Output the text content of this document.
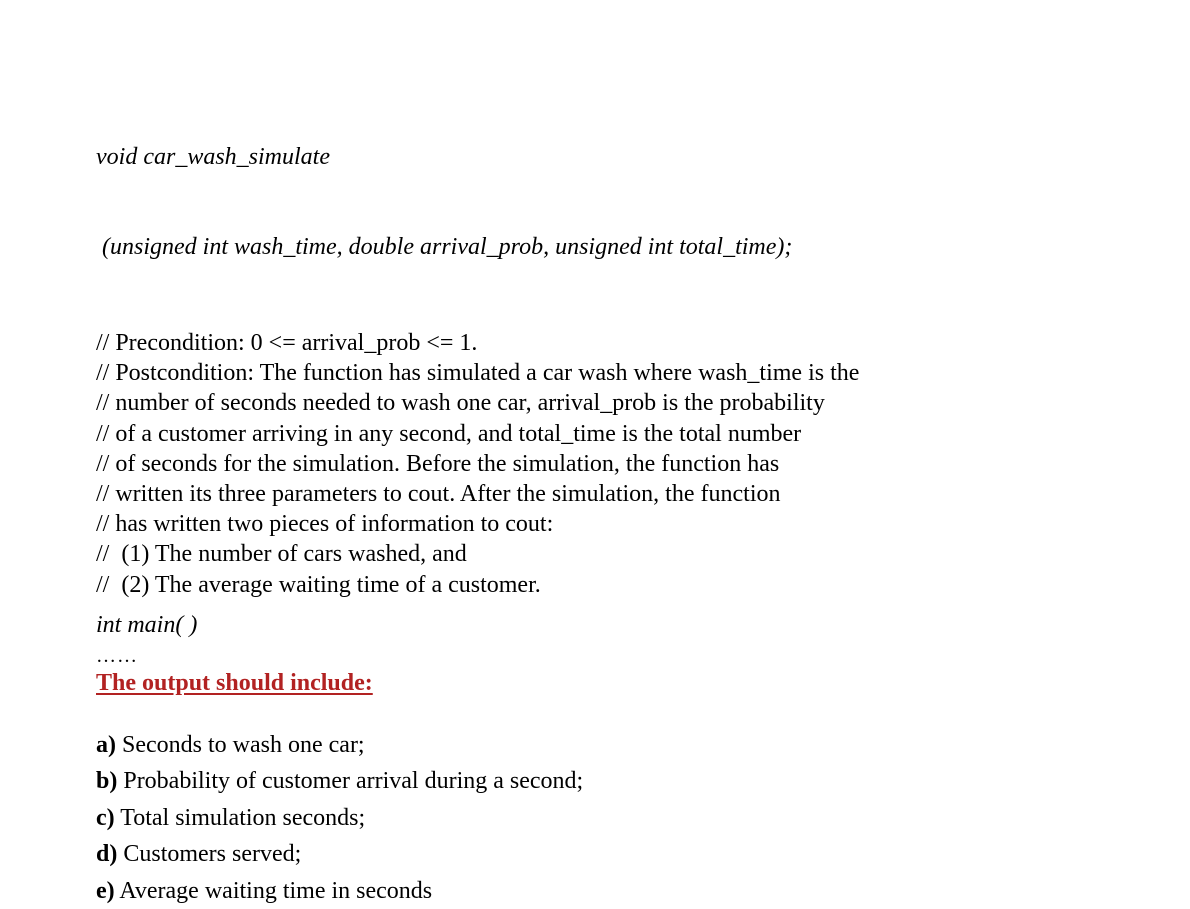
void car_wash_simulate

(unsigned int wash_time, double arrival_prob, unsigned int total_time);

// Precondition: 0 <= arrival_prob <= 1.
// Postcondition: The function has simulated a car wash where wash_time is the
// number of seconds needed to wash one car, arrival_prob is the probability
// of a customer arriving in any second, and total_time is the total number
// of seconds for the simulation. Before the simulation, the function has
// written its three parameters to cout. After the simulation, the function
// has written two pieces of information to cout:
//  (1) The number of cars washed, and
//  (2) The average waiting time of a customer.
int main( )
……
The output should include:
a) Seconds to wash one car;
b) Probability of customer arrival during a second;
c) Total simulation seconds;
d) Customers served;
e) Average waiting time in seconds
